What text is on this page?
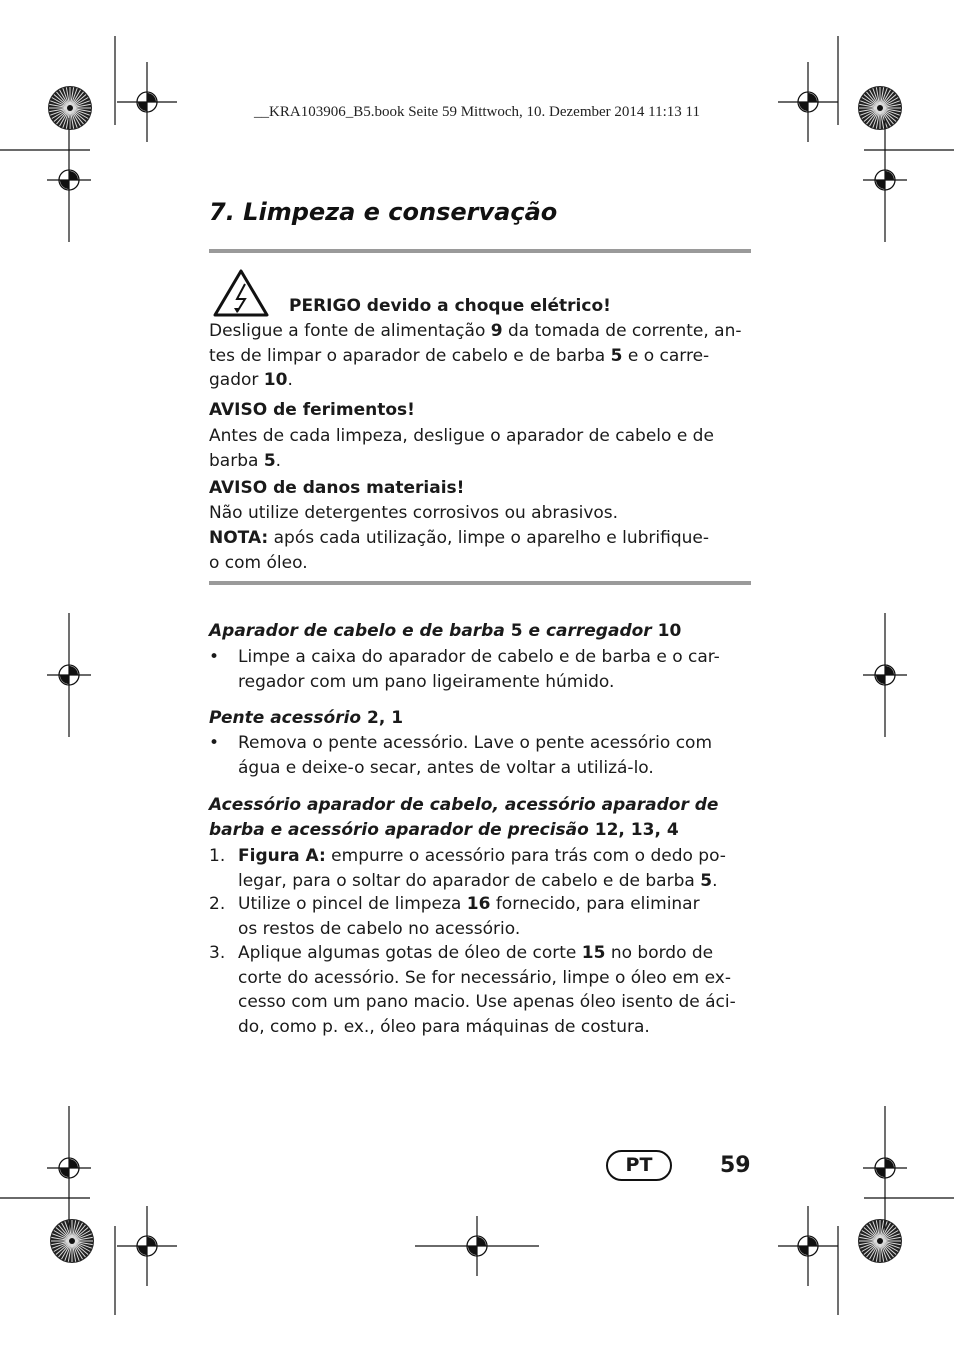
__KRA103906_B5.book Seite 59 Mittwoch, 10. Dezember 2014 11:13 11
7. Limpeza e conservação
PERIGO devido a choque elétrico!
Desligue a fonte de alimentação 9 da tomada de corrente, an-
tes de limpar o aparador de cabelo e de barba 5 e o carre-
gador 10.
AVISO de ferimentos!
Antes de cada limpeza, desligue o aparador de cabelo e de
barba 5.
AVISO de danos materiais!
Não utilize detergentes corrosivos ou abrasivos.
NOTA: após cada utilização, limpe o aparelho e lubrifique-
o com óleo.
Aparador de cabelo e de barba 5 e carregador 10
•	Limpe a caixa do aparador de cabelo e de barba e o car-
regador com um pano ligeiramente húmido.
Pente acessório 2, 1
•	Remova o pente acessório. Lave o pente acessório com
água e deixe-o secar, antes de voltar a utilizá-lo.
Acessório aparador de cabelo, acessório aparador de
barba e acessório aparador de precisão 12, 13, 4
1. Figura A: empurre o acessório para trás com o dedo po-
legar, para o soltar do aparador de cabelo e de barba 5.
2. Utilize o pincel de limpeza 16 fornecido, para eliminar
os restos de cabelo no acessório.
3. Aplique algumas gotas de óleo de corte 15 no bordo de
corte do acessório. Se for necessário, limpe o óleo em ex-
cesso com um pano macio. Use apenas óleo isento de áci-
do, como p. ex., óleo para máquinas de costura.
PT	59
